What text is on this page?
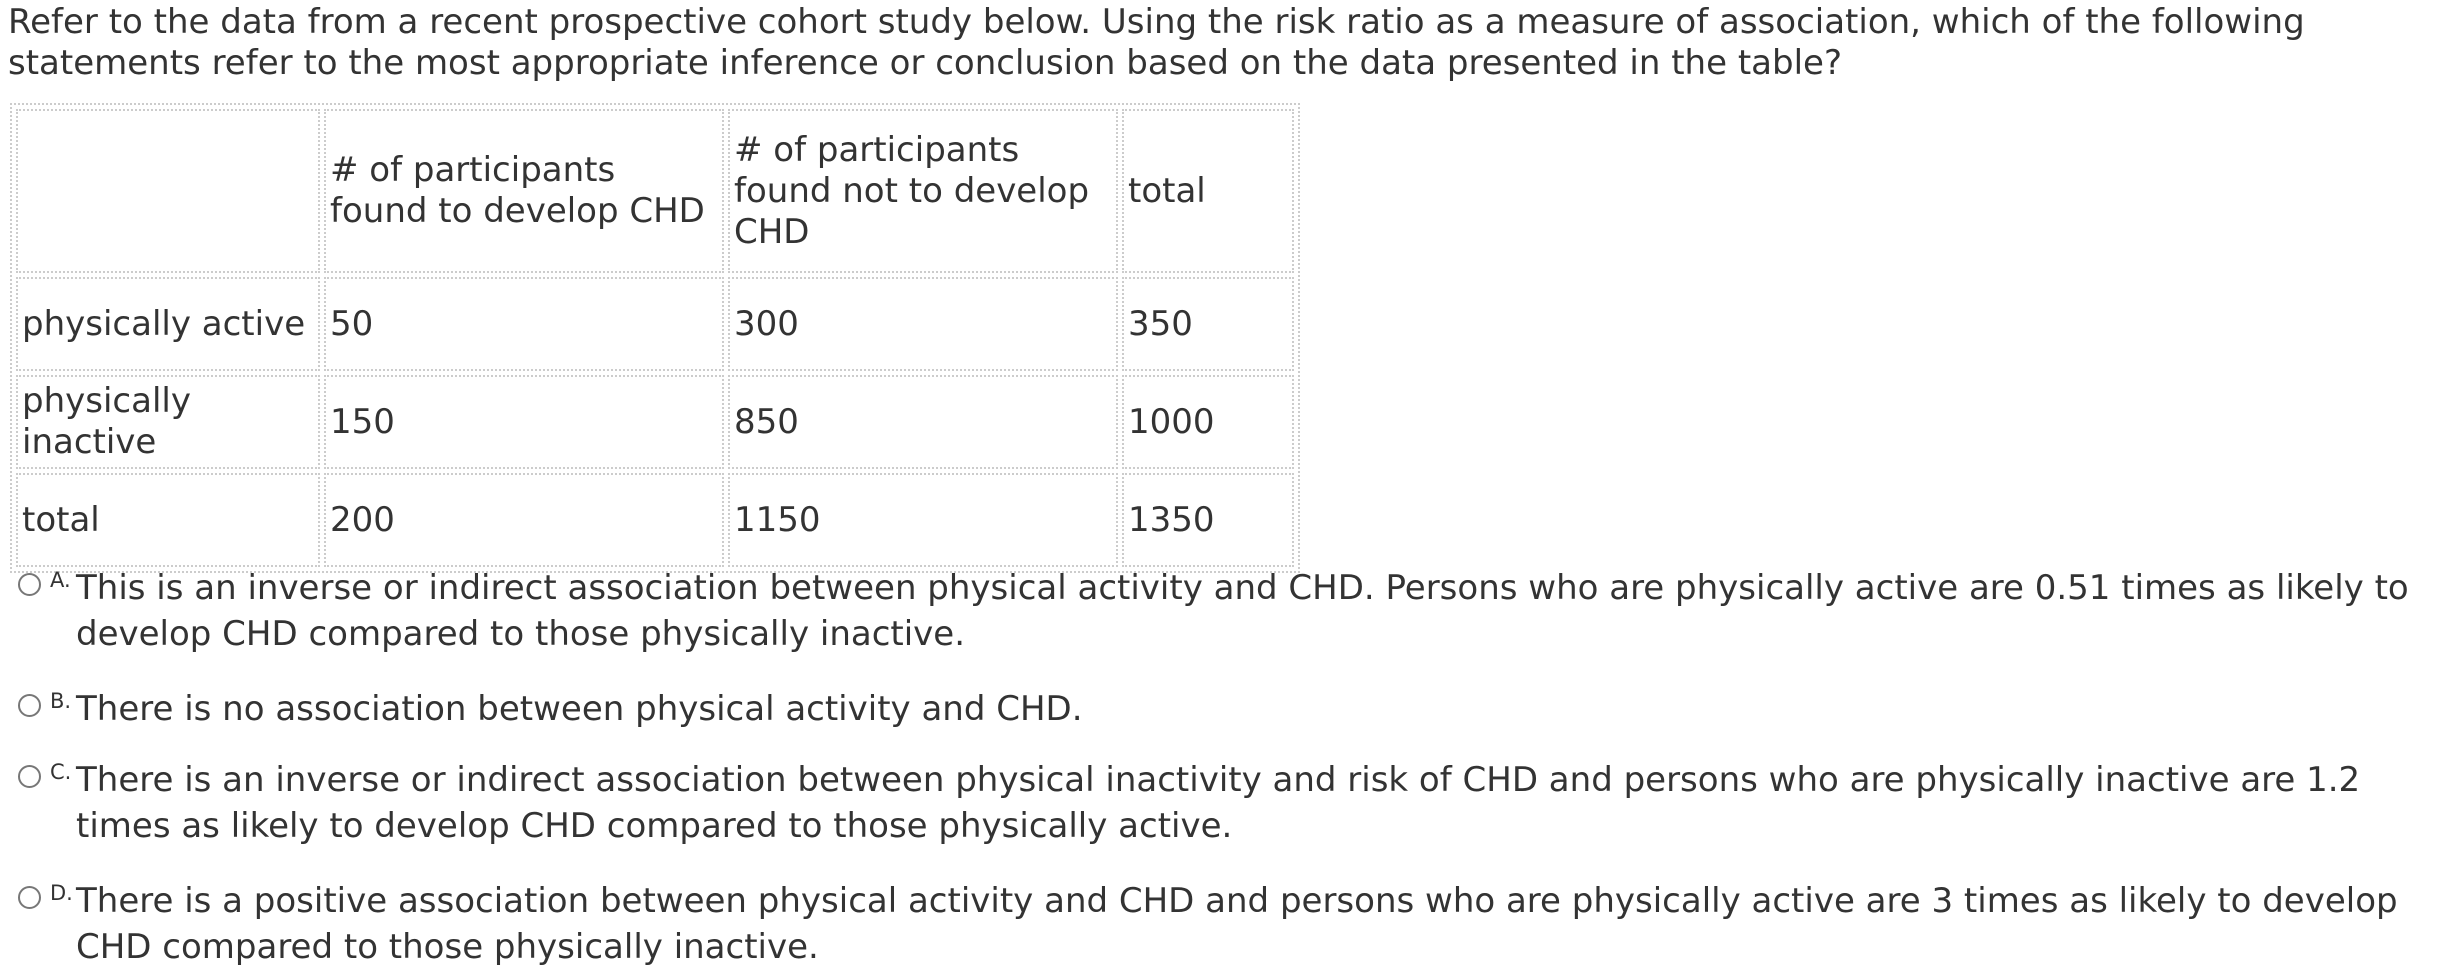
Refer to the data from a recent prospective cohort study below. Using the risk ratio as a measure of association, which of the following statements refer to the most appropriate inference or conclusion based on the data presented in the table?

	# of participants found to develop CHD	# of participants found not to develop CHD	total
physically active	50	300	350
physically inactive	150	850	1000
total	200	1150	1350
A. This is an inverse or indirect association between physical activity and CHD. Persons who are physically active are 0.51 times as likely to develop CHD compared to those physically inactive.
B. There is no association between physical activity and CHD.
C. There is an inverse or indirect association between physical inactivity and risk of CHD and persons who are physically inactive are 1.2 times as likely to develop CHD compared to those physically active.
D. There is a positive association between physical activity and CHD and persons who are physically active are 3 times as likely to develop CHD compared to those physically inactive.
